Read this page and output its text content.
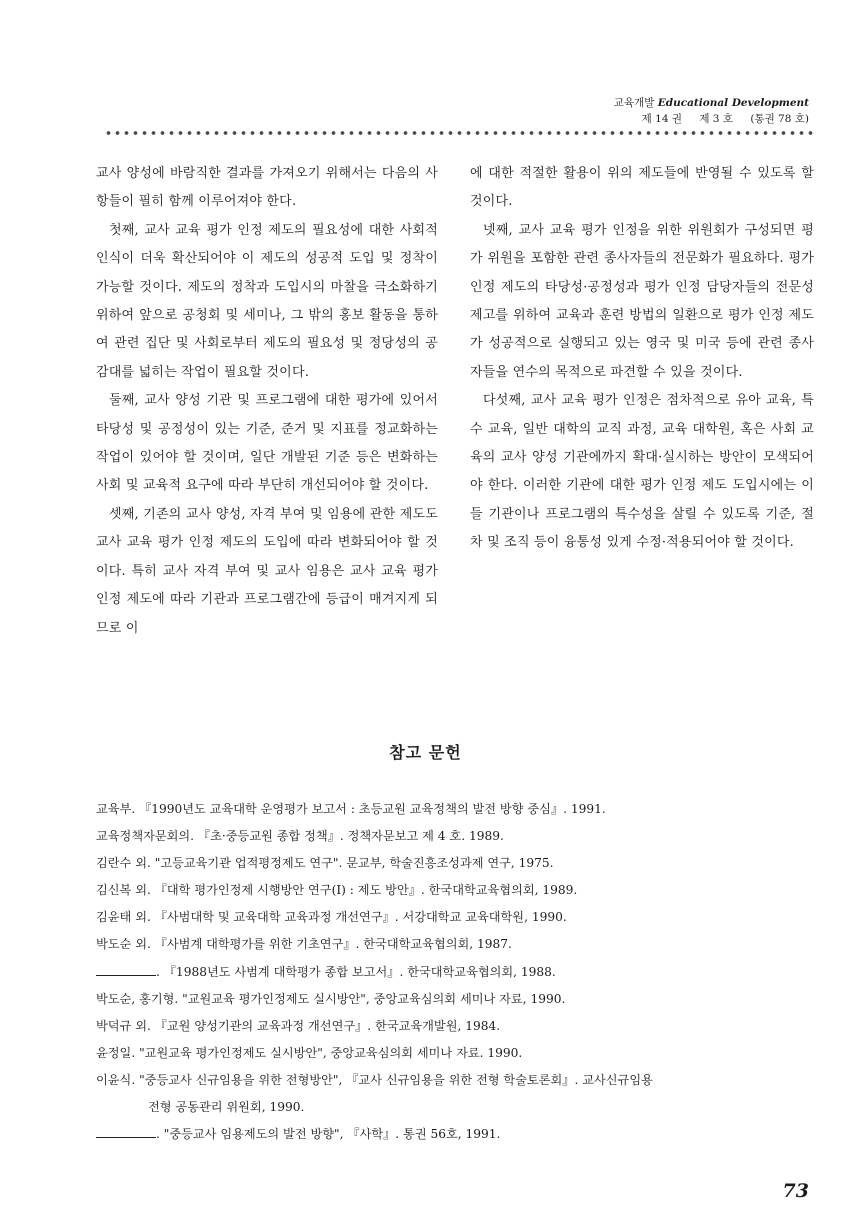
교육개발 Educational Development
제 14 권 제 3 호 (통권 78 호)

교사 양성에 바람직한 결과를 가져오기 위해서는 다음의 사항들이 필히 함께 이루어져야 한다.

첫째, 교사 교육 평가 인정 제도의 필요성에 대한 사회적 인식이 더욱 확산되어야 이 제도의 성공적 도입 및 정착이 가능할 것이다. 제도의 정착과 도입시의 마찰을 극소화하기 위하여 앞으로 공청회 및 세미나, 그 밖의 홍보 활동을 통하여 관련 집단 및 사회로부터 제도의 필요성 및 정당성의 공감대를 넓히는 작업이 필요할 것이다.

둘째, 교사 양성 기관 및 프로그램에 대한 평가에 있어서 타당성 및 공정성이 있는 기준, 준거 및 지표를 정교화하는 작업이 있어야 할 것이며, 일단 개발된 기준 등은 변화하는 사회 및 교육적 요구에 따라 부단히 개선되어야 할 것이다.

셋째, 기존의 교사 양성, 자격 부여 및 임용에 관한 제도도 교사 교육 평가 인정 제도의 도입에 따라 변화되어야 할 것이다. 특히 교사 자격 부여 및 교사 임용은 교사 교육 평가 인정 제도에 따라 기관과 프로그램간에 등급이 매겨지게 되므로 이

에 대한 적절한 활용이 위의 제도들에 반영될 수 있도록 할 것이다.

넷째, 교사 교육 평가 인정을 위한 위원회가 구성되면 평가 위원을 포함한 관련 종사자들의 전문화가 필요하다. 평가 인정 제도의 타당성·공정성과 평가 인정 담당자들의 전문성 제고를 위하여 교육과 훈련 방법의 일환으로 평가 인정 제도가 성공적으로 실행되고 있는 영국 및 미국 등에 관련 종사자들을 연수의 목적으로 파견할 수 있을 것이다.

다섯째, 교사 교육 평가 인정은 점차적으로 유아 교육, 특수 교육, 일반 대학의 교직 과정, 교육 대학원, 혹은 사회 교육의 교사 양성 기관에까지 확대·실시하는 방안이 모색되어야 한다. 이러한 기관에 대한 평가 인정 제도 도입시에는 이들 기관이나 프로그램의 특수성을 살릴 수 있도록 기준, 절차 및 조직 등이 융통성 있게 수정·적용되어야 할 것이다.

참고 문헌
교육부. 『1990년도 교육대학 운영평가 보고서 : 초등교원 교육정책의 발전 방향 중심』. 1991.
교육정책자문회의. 『초·중등교원 종합 정책』. 정책자문보고 제 4 호. 1989.
김란수 외. "고등교육기관 업적평정제도 연구". 문교부, 학술진흥조성과제 연구, 1975.
김신복 외. 『대학 평가인정제 시행방안 연구(Ⅰ) : 제도 방안』. 한국대학교육협의회, 1989.
김윤태 외. 『사범대학 및 교육대학 교육과정 개선연구』. 서강대학교 교육대학원, 1990.
박도순 외. 『사범계 대학평가를 위한 기초연구』. 한국대학교육협의회, 1987.
. 『1988년도 사범계 대학평가 종합 보고서』. 한국대학교육협의회, 1988.
박도순, 홍기형. "교원교육 평가인정제도 실시방안", 중앙교육심의회 세미나 자료, 1990.
박덕규 외. 『교원 양성기관의 교육과정 개선연구』. 한국교육개발원, 1984.
윤정일. "교원교육 평가인정제도 실시방안", 중앙교육심의회 세미나 자료. 1990.
이윤식. "중등교사 신규임용을 위한 전형방안", 『교사 신규임용을 위한 전형 학술토론회』. 교사신규임용
전형 공동관리 위원회, 1990.
. "중등교사 임용제도의 발전 방향", 『사학』. 통권 56호, 1991.
73
